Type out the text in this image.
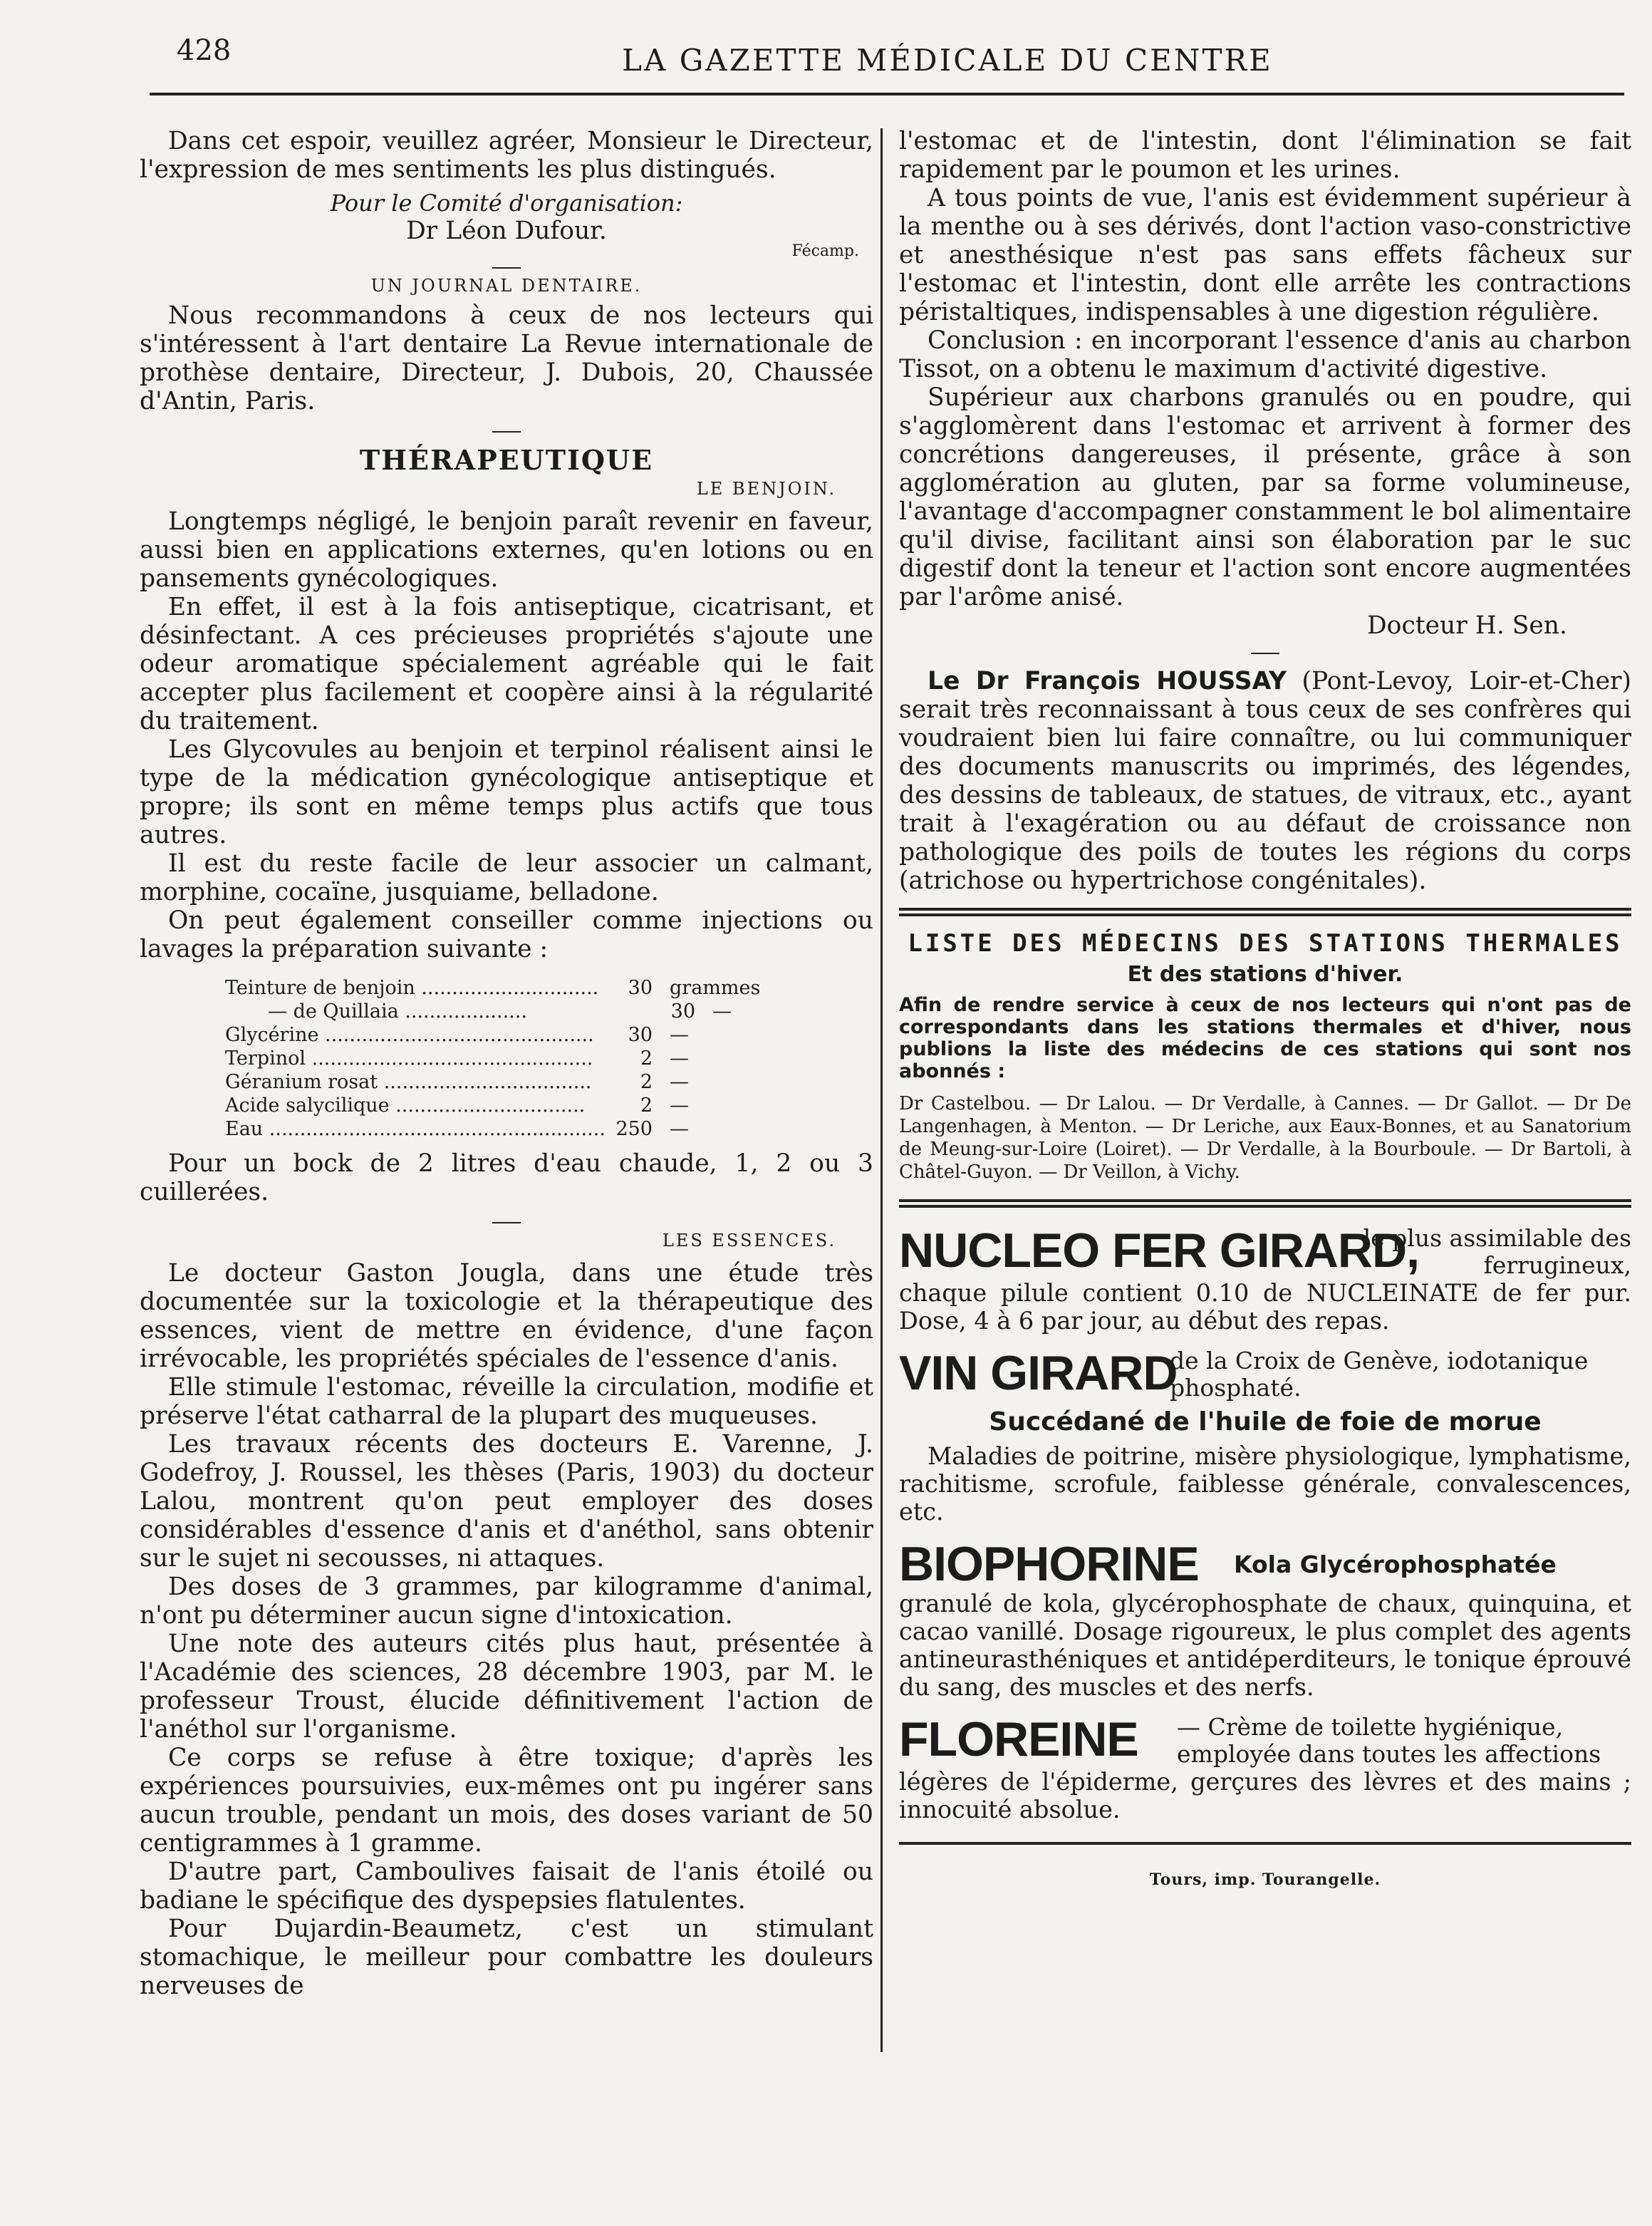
428	LA GAZETTE MÉDICALE DU CENTRE

Dans cet espoir, veuillez agréer, Monsieur le Directeur, l'expression de mes sentiments les plus distingués.

Pour le Comité d'organisation:

Dr Léon Dufour.

Fécamp.
UN JOURNAL DENTAIRE.

Nous recommandons à ceux de nos lecteurs qui s'intéressent à l'art dentaire La Revue internationale de prothèse dentaire, Directeur, J. Dubois, 20, Chaussée d'Antin, Paris.

THÉRAPEUTIQUE
LE BENJOIN.

Longtemps négligé, le benjoin paraît revenir en faveur, aussi bien en applications externes, qu'en lotions ou en pansements gynécologiques.

En effet, il est à la fois antiseptique, cicatrisant, et désinfectant. A ces précieuses propriétés s'ajoute une odeur aromatique spécialement agréable qui le fait accepter plus facilement et coopère ainsi à la régularité du traitement.

Les Glycovules au benjoin et terpinol réalisent ainsi le type de la médication gynécologique antiseptique et propre; ils sont en même temps plus actifs que tous autres.

Il est du reste facile de leur associer un calmant, morphine, cocaïne, jusquiame, belladone.

On peut également conseiller comme injections ou lavages la préparation suivante :

Teinture de benjoin .............................	30 grammes
— de Quillaia ....................	30 —
Glycérine ............................................	30 —
Terpinol ..............................................	2 —
Géranium rosat ..................................	2 —
Acide salycilique ...............................	2 —
Eau ....................................................... 250 —

Pour un bock de 2 litres d'eau chaude, 1, 2 ou 3 cuillerées.

LES ESSENCES.

Le docteur Gaston Jougla, dans une étude très documentée sur la toxicologie et la thérapeutique des essences, vient de mettre en évidence, d'une façon irrévocable, les propriétés spéciales de l'essence d'anis.

Elle stimule l'estomac, réveille la circulation, modifie et préserve l'état catharral de la plupart des muqueuses.

Les travaux récents des docteurs E. Varenne, J. Godefroy, J. Roussel, les thèses (Paris, 1903) du docteur Lalou, montrent qu'on peut employer des doses considérables d'essence d'anis et d'anéthol, sans obtenir sur le sujet ni secousses, ni attaques.

Des doses de 3 grammes, par kilogramme d'animal, n'ont pu déterminer aucun signe d'intoxication.

Une note des auteurs cités plus haut, présentée à l'Académie des sciences, 28 décembre 1903, par M. le professeur Troust, élucide définitivement l'action de l'anéthol sur l'organisme.

Ce corps se refuse à être toxique; d'après les expériences poursuivies, eux-mêmes ont pu ingérer sans aucun trouble, pendant un mois, des doses variant de 50 centigrammes à 1 gramme.

D'autre part, Camboulives faisait de l'anis étoilé ou badiane le spécifique des dyspepsies flatulentes.

Pour Dujardin-Beaumetz, c'est un stimulant stomachique, le meilleur pour combattre les douleurs nerveuses de

l'estomac et de l'intestin, dont l'élimination se fait rapidement par le poumon et les urines.

A tous points de vue, l'anis est évidemment supérieur à la menthe ou à ses dérivés, dont l'action vaso-constrictive et anesthésique n'est pas sans effets fâcheux sur l'estomac et l'intestin, dont elle arrête les contractions péristaltiques, indispensables à une digestion régulière.

Conclusion : en incorporant l'essence d'anis au charbon Tissot, on a obtenu le maximum d'activité digestive.

Supérieur aux charbons granulés ou en poudre, qui s'agglomèrent dans l'estomac et arrivent à former des concrétions dangereuses, il présente, grâce à son agglomération au gluten, par sa forme volumineuse, l'avantage d'accompagner constamment le bol alimentaire qu'il divise, facilitant ainsi son élaboration par le suc digestif dont la teneur et l'action sont encore augmentées par l'arôme anisé.

Docteur H. Sen.

Le Dr François HOUSSAY (Pont-Levoy, Loir-et-Cher) serait très reconnaissant à tous ceux de ses confrères qui voudraient bien lui faire connaître, ou lui communiquer des documents manuscrits ou imprimés, des légendes, des dessins de tableaux, de statues, de vitraux, etc., ayant trait à l'exagération ou au défaut de croissance non pathologique des poils de toutes les régions du corps (atrichose ou hypertrichose congénitales).

LISTE DES MÉDECINS DES STATIONS THERMALES
Et des stations d'hiver.
Afin de rendre service à ceux de nos lecteurs qui n'ont pas de correspondants dans les stations thermales et d'hiver, nous publions la liste des médecins de ces stations qui sont nos abonnés :
Dr Castelbou. — Dr Lalou. — Dr Verdalle, à Cannes. — Dr Gallot. — Dr De Langenhagen, à Menton. — Dr Leriche, aux Eaux-Bonnes, et au Sanatorium de Meung-sur-Loire (Loiret). — Dr Verdalle, à la Bourboule. — Dr Bartoli, à Châtel-Guyon. — Dr Veillon, à Vichy.
NUCLEO FER GIRARD,
le plus assimilable des ferrugineux,

chaque pilule contient 0.10 de NUCLEINATE de fer pur. Dose, 4 à 6 par jour, au début des repas.

VIN GIRARD
de la Croix de Genève, iodotanique phosphaté.
Succédané de l'huile de foie de morue

Maladies de poitrine, misère physiologique, lymphatisme, rachitisme, scrofule, faiblesse générale, convalescences, etc.

BIOPHORINE	Kola Glycérophosphatée

granulé de kola, glycérophosphate de chaux, quinquina, et cacao vanillé. Dosage rigoureux, le plus complet des agents antineurasthéniques et antidéperditeurs, le tonique éprouvé du sang, des muscles et des nerfs.

FLOREINE	— Crème de toilette hygiénique, employée dans toutes les affections

légères de l'épiderme, gerçures des lèvres et des mains ; innocuité absolue.

Tours, imp. Tourangelle.
